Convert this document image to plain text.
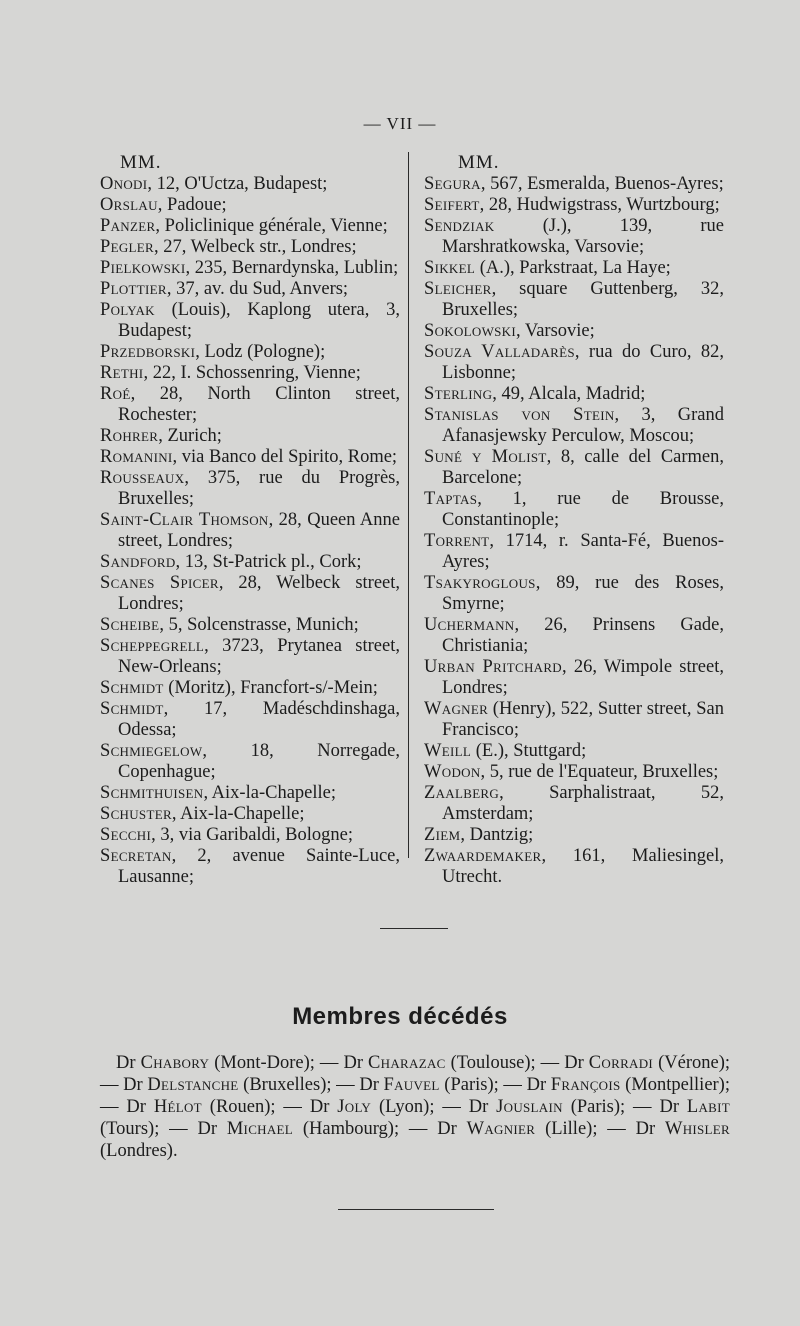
— VII —
MM.
Onodi, 12, O'Uctza, Budapest;
Orslau, Padoue;
Panzer, Policlinique générale, Vienne;
Pegler, 27, Welbeck str., Londres;
Pielkowski, 235, Bernardynska, Lublin;
Plottier, 37, av. du Sud, Anvers;
Polyak (Louis), Kaplong utera, 3, Budapest;
Przedborski, Lodz (Pologne);
Rethi, 22, I. Schossenring, Vienne;
Roé, 28, North Clinton street, Rochester;
Rohrer, Zurich;
Romanini, via Banco del Spirito, Rome;
Rousseaux, 375, rue du Progrès, Bruxelles;
Saint-Clair Thomson, 28, Queen Anne street, Londres;
Sandford, 13, St-Patrick pl., Cork;
Scanes Spicer, 28, Welbeck street, Londres;
Scheibe, 5, Solcenstrasse, Munich;
Scheppegrell, 3723, Prytanea street, New-Orleans;
Schmidt (Moritz), Francfort-s/-Mein;
Schmidt, 17, Madéschdinshaga, Odessa;
Schmiegelow, 18, Norregade, Copenhague;
Schmithuisen, Aix-la-Chapelle;
Schuster, Aix-la-Chapelle;
Secchi, 3, via Garibaldi, Bologne;
Secretan, 2, avenue Sainte-Luce, Lausanne;
MM.
Segura, 567, Esmeralda, Buenos-Ayres;
Seifert, 28, Hudwigstrass, Wurtzbourg;
Sendziak (J.), 139, rue Marshratkowska, Varsovie;
Sikkel (A.), Parkstraat, La Haye;
Sleicher, square Guttenberg, 32, Bruxelles;
Sokolowski, Varsovie;
Souza Valladarès, rua do Curo, 82, Lisbonne;
Sterling, 49, Alcala, Madrid;
Stanislas von Stein, 3, Grand Afanasjewsky Perculow, Moscou;
Suné y Molist, 8, calle del Carmen, Barcelone;
Taptas, 1, rue de Brousse, Constantinople;
Torrent, 1714, r. Santa-Fé, Buenos-Ayres;
Tsakyroglous, 89, rue des Roses, Smyrne;
Uchermann, 26, Prinsens Gade, Christiania;
Urban Pritchard, 26, Wimpole street, Londres;
Wagner (Henry), 522, Sutter street, San Francisco;
Weill (E.), Stuttgard;
Wodon, 5, rue de l'Equateur, Bruxelles;
Zaalberg, Sarphalistraat, 52, Amsterdam;
Ziem, Dantzig;
Zwaardemaker, 161, Maliesingel, Utrecht.
Membres décédés
Dr Chabory (Mont-Dore); — Dr Charazac (Toulouse); — Dr Corradi (Vérone); — Dr Delstanche (Bruxelles); — Dr Fauvel (Paris); — Dr François (Montpellier); — Dr Hélot (Rouen); — Dr Joly (Lyon); — Dr Jouslain (Paris); — Dr Labit (Tours); — Dr Michael (Hambourg); — Dr Wagnier (Lille); — Dr Whisler (Londres).
